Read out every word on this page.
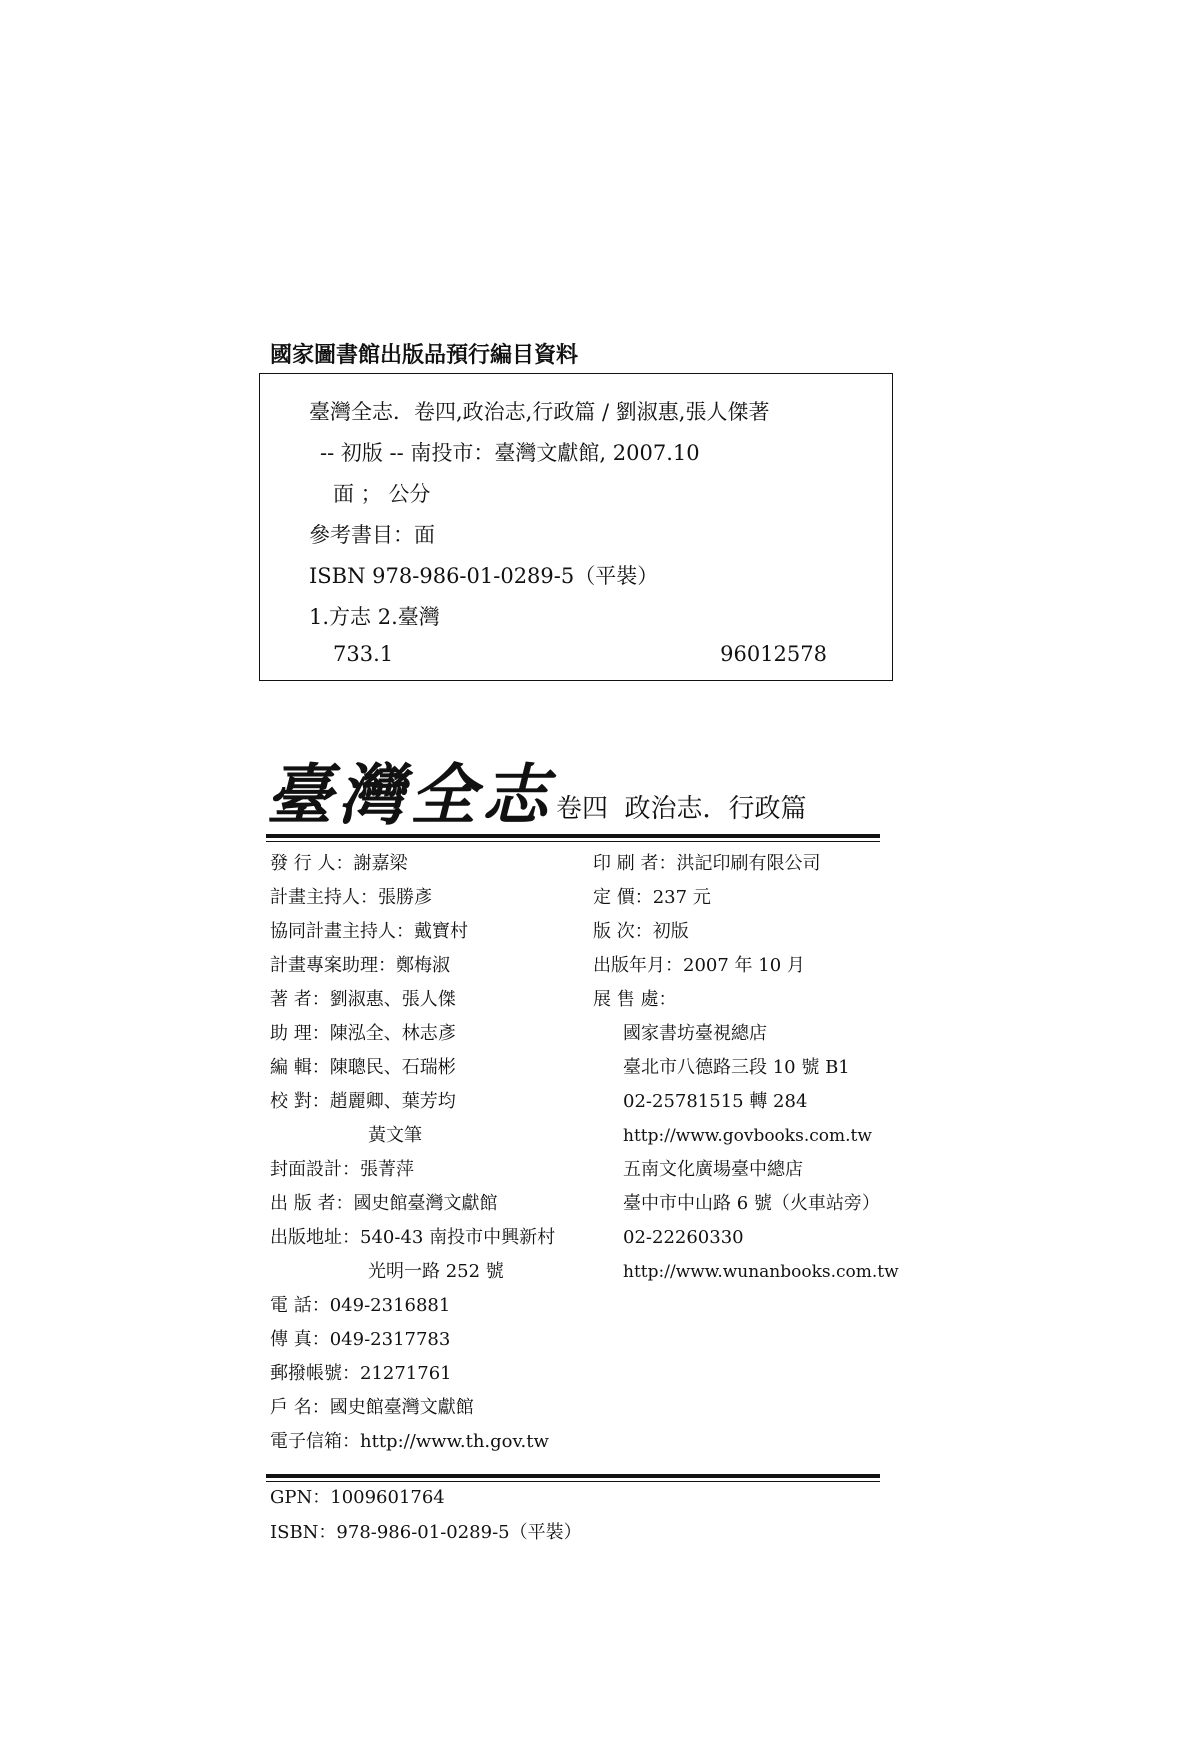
國家圖書館出版品預行編目資料
臺灣全志．卷四,政治志,行政篇 / 劉淑惠,張人傑著
-- 初版 -- 南投市：臺灣文獻館, 2007.10
面 ； 公分
參考書目：面
ISBN 978-986-01-0289-5（平裝）
1.方志 2.臺灣
733.1	96012578
臺灣全志 卷四 政治志．行政篇
發 行 人：謝嘉梁
計畫主持人：張勝彥
協同計畫主持人：戴寶村
計畫專案助理：鄭梅淑
著 者：劉淑惠、張人傑
助 理：陳泓全、林志彥
編 輯：陳聰民、石瑞彬
校 對：趙麗卿、葉芳均
黃文筆
封面設計：張菁萍
出 版 者：國史館臺灣文獻館
出版地址：540-43 南投市中興新村
光明一路 252 號
電 話：049-2316881
傳 真：049-2317783
郵撥帳號：21271761
戶 名：國史館臺灣文獻館
電子信箱：http://www.th.gov.tw
印 刷 者：洪記印刷有限公司
定 價：237 元
版 次：初版
出版年月：2007 年 10 月
展 售 處：
國家書坊臺視總店
臺北市八德路三段 10 號 B1
02-25781515 轉 284
http://www.govbooks.com.tw
五南文化廣場臺中總店
臺中市中山路 6 號（火車站旁）
02-22260330
http://www.wunanbooks.com.tw
GPN：1009601764
ISBN：978-986-01-0289-5（平裝）
